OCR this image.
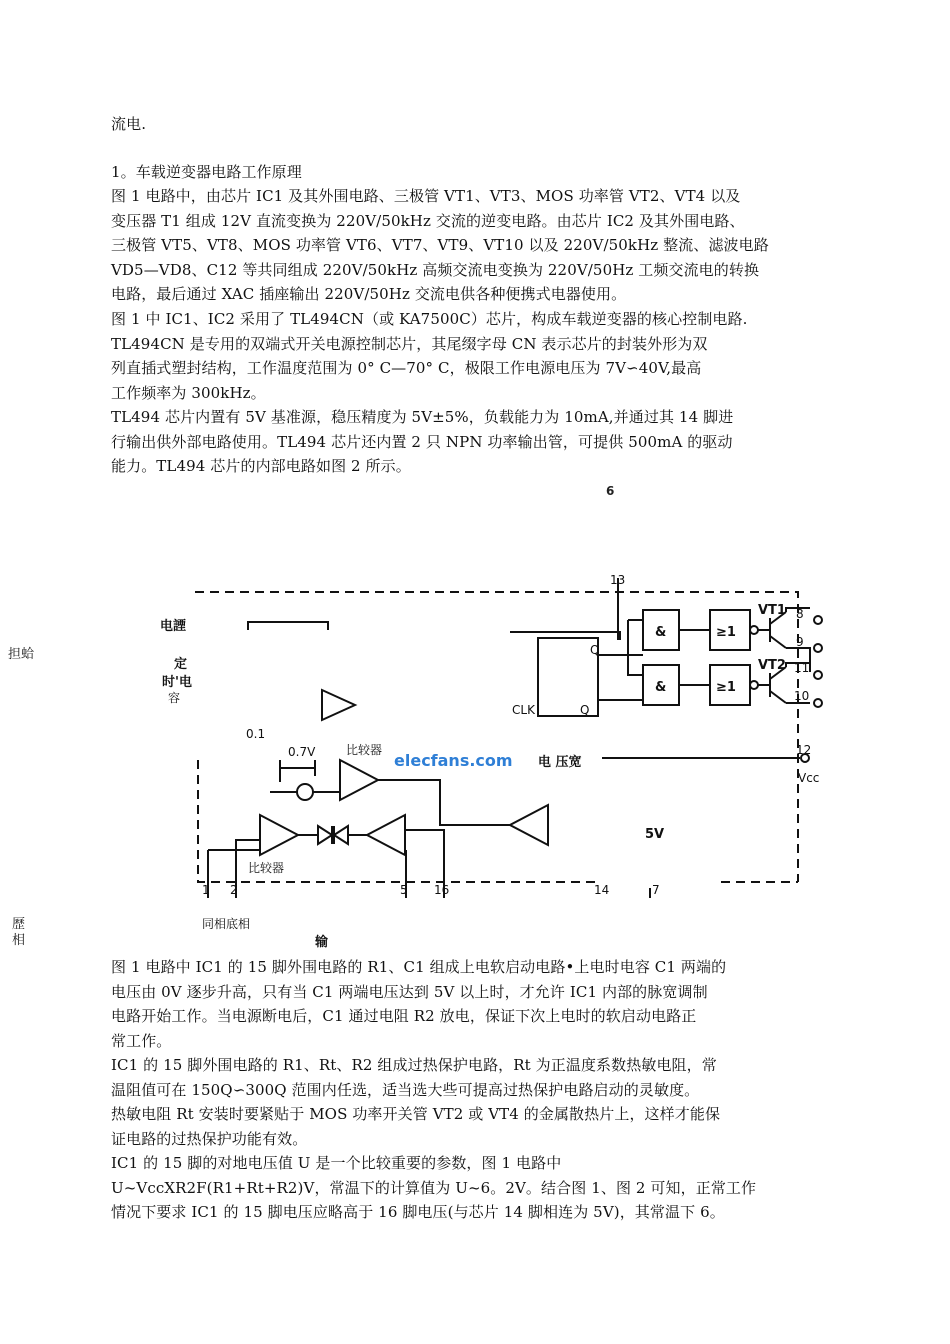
流电.
1。车载逆变器电路工作原理
图 1 电路中，由芯片 IC1 及其外围电路、三极管 VT1、VT3、MOS 功率管 VT2、VT4 以及
变压器 T1 组成 12V 直流变换为 220V/50kHz 交流的逆变电路。由芯片 IC2 及其外围电路、
三极管 VT5、VT8、MOS 功率管 VT6、VT7、VT9、VT10 以及 220V/50kHz 整流、滤波电路
VD5—VD8、C12 等共同组成 220V/50kHz 高频交流电变换为 220V/50Hz 工频交流电的转换
电路，最后通过 XAC 插座输出 220V/50Hz 交流电供各种便携式电器使用。
图 1 中 IC1、IC2 采用了 TL494CN（或 KA7500C）芯片，构成车载逆变器的核心控制电路.
TL494CN 是专用的双端式开关电源控制芯片，其尾缀字母 CN 表示芯片的封装外形为双
列直插式塑封结构，工作温度范围为 0° C—70° C，极限工作电源电压为 7V∽40V,最高
工作频率为 300kHz。
TL494 芯片内置有 5V 基准源，稳压精度为 5V±5%，负载能力为 10mA,并通过其 14 脚进
行输出供外部电路使用。TL494 芯片还内置 2 只 NPN 功率输出管，可提供 500mA 的驱动
能力。TL494 芯片的内部电路如图 2 所示。
6
担蛤
歷
相
elecfans.com 电 压宽
电諲
定
时'电
容
0.1
0.7V	比较器
比较器
同相底相
输
Q
CLK	Q
&
&
≥1
≥1
VT1
VT2
Vcc
5V
13
8
9
11
10
12
1 2	5 16	7
14
图 1 电路中 IC1 的 15 脚外围电路的 R1、C1 组成上电软启动电路•上电时电容 C1 两端的
电压由 0V 逐步升高，只有当 C1 两端电压达到 5V 以上时，才允许 IC1 内部的脉宽调制
电路开始工作。当电源断电后，C1 通过电阻 R2 放电，保证下次上电时的软启动电路正
常工作。
IC1 的 15 脚外围电路的 R1、Rt、R2 组成过热保护电路，Rt 为正温度系数热敏电阻，常
温阻值可在 150Q∽300Q 范围内任选，适当选大些可提高过热保护电路启动的灵敏度。
热敏电阻 Rt 安装时要紧贴于 MOS 功率开关管 VT2 或 VT4 的金属散热片上，这样才能保
证电路的过热保护功能有效。
IC1 的 15 脚的对地电压值 U 是一个比较重要的参数，图 1 电路中
U~VccXR2F(R1+Rt+R2)V，常温下的计算值为 U~6。2V。结合图 1、图 2 可知，正常工作
情况下要求 IC1 的 15 脚电压应略高于 16 脚电压(与芯片 14 脚相连为 5V)，其常温下 6。
